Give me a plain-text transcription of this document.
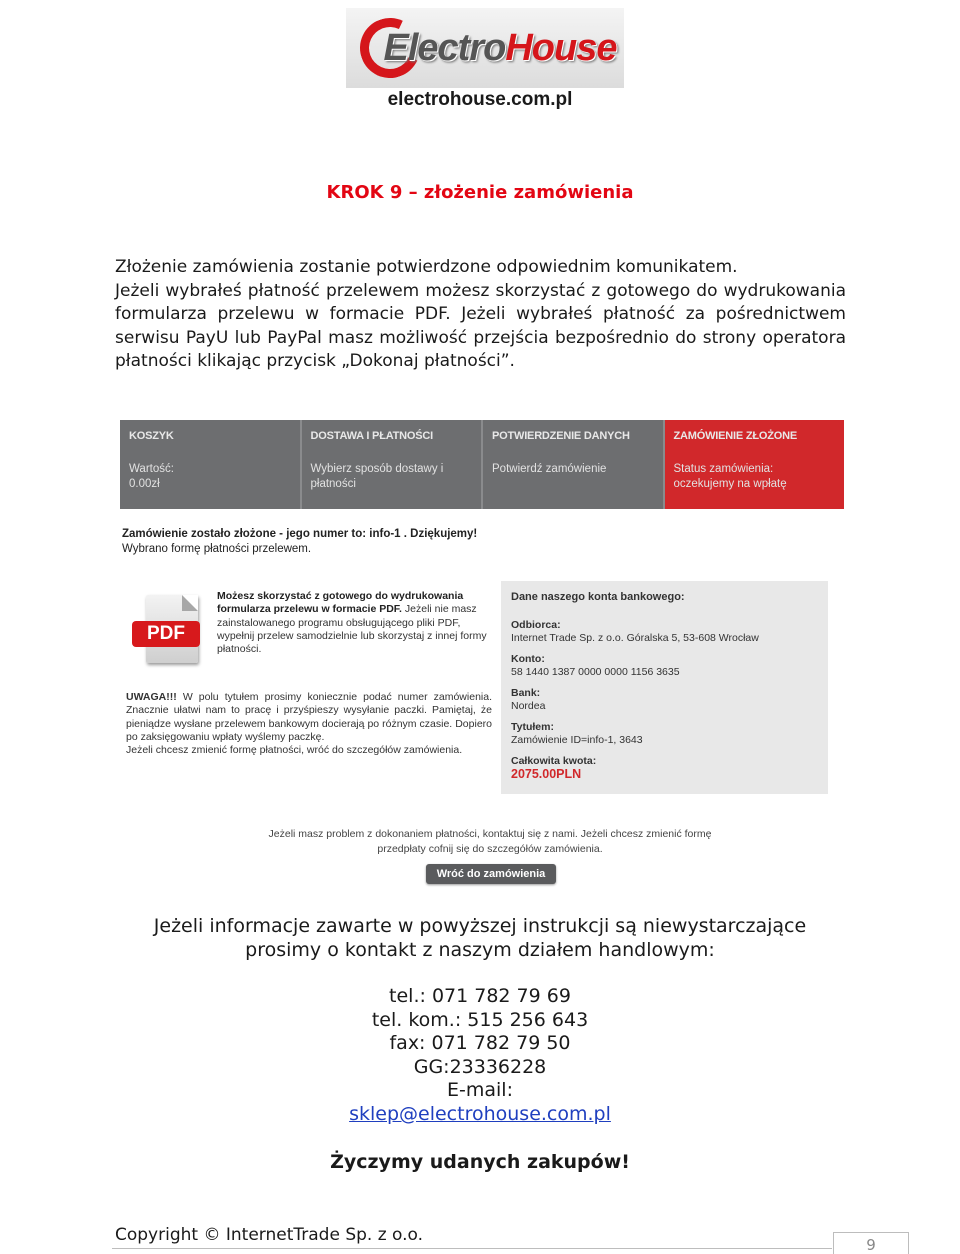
ElectroHouse
electrohouse.com.pl
KROK 9 – złożenie zamówienia
Złożenie zamówienia zostanie potwierdzone odpowiednim komunikatem.
Jeżeli wybrałeś płatność przelewem możesz skorzystać z gotowego do wydrukowania formularza przelewu w formacie PDF. Jeżeli wybrałeś płatność za pośrednictwem serwisu PayU lub PayPal masz możliwość przejścia bezpośrednio do strony operatora płatności klikając przycisk „Dokonaj płatności”.
KOSZYK
Wartość:
0.00zł
DOSTAWA I PŁATNOŚCI
Wybierz sposób dostawy i
płatności
POTWIERDZENIE DANYCH
Potwierdź zamówienie
ZAMÓWIENIE ZŁOŻONE
Status zamówienia:
oczekujemy na wpłatę
Zamówienie zostało złożone - jego numer to: info-1 . Dziękujemy!
Wybrano formę płatności przelewem.
PDF
Możesz skorzystać z gotowego do wydrukowania formularza przelewu w formacie PDF. Jeżeli nie masz zainstalowanego programu obsługującego pliki PDF, wypełnij przelew samodzielnie lub skorzystaj z innej formy płatności.
UWAGA!!! W polu tytułem prosimy koniecznie podać numer zamówienia. Znacznie ułatwi nam to pracę i przyśpieszy wysyłanie paczki. Pamiętaj, że pieniądze wysłane przelewem bankowym docierają po różnym czasie. Dopiero po zaksięgowaniu wpłaty wyślemy paczkę.
Jeżeli chcesz zmienić formę płatności, wróć do szczegółów zamówienia.
Dane naszego konta bankowego:
Odbiorca:
Internet Trade Sp. z o.o. Góralska 5, 53-608 Wrocław
Konto:
58 1440 1387 0000 0000 1156 3635
Bank:
Nordea
Tytułem:
Zamówienie ID=info-1, 3643
Całkowita kwota:
2075.00PLN
Jeżeli masz problem z dokonaniem płatności, kontaktuj się z nami. Jeżeli chcesz zmienić formę
przedpłaty cofnij się do szczegółów zamówienia.
Wróć do zamówienia
Jeżeli informacje zawarte w powyższej instrukcji są niewystarczające
prosimy o kontakt z naszym działem handlowym:
tel.: 071 782 79 69
tel. kom.: 515 256 643
fax: 071 782 79 50
GG:23336228
E-mail:
sklep@electrohouse.com.pl
Życzymy udanych zakupów!
Copyright © InternetTrade Sp. z o.o.	9
